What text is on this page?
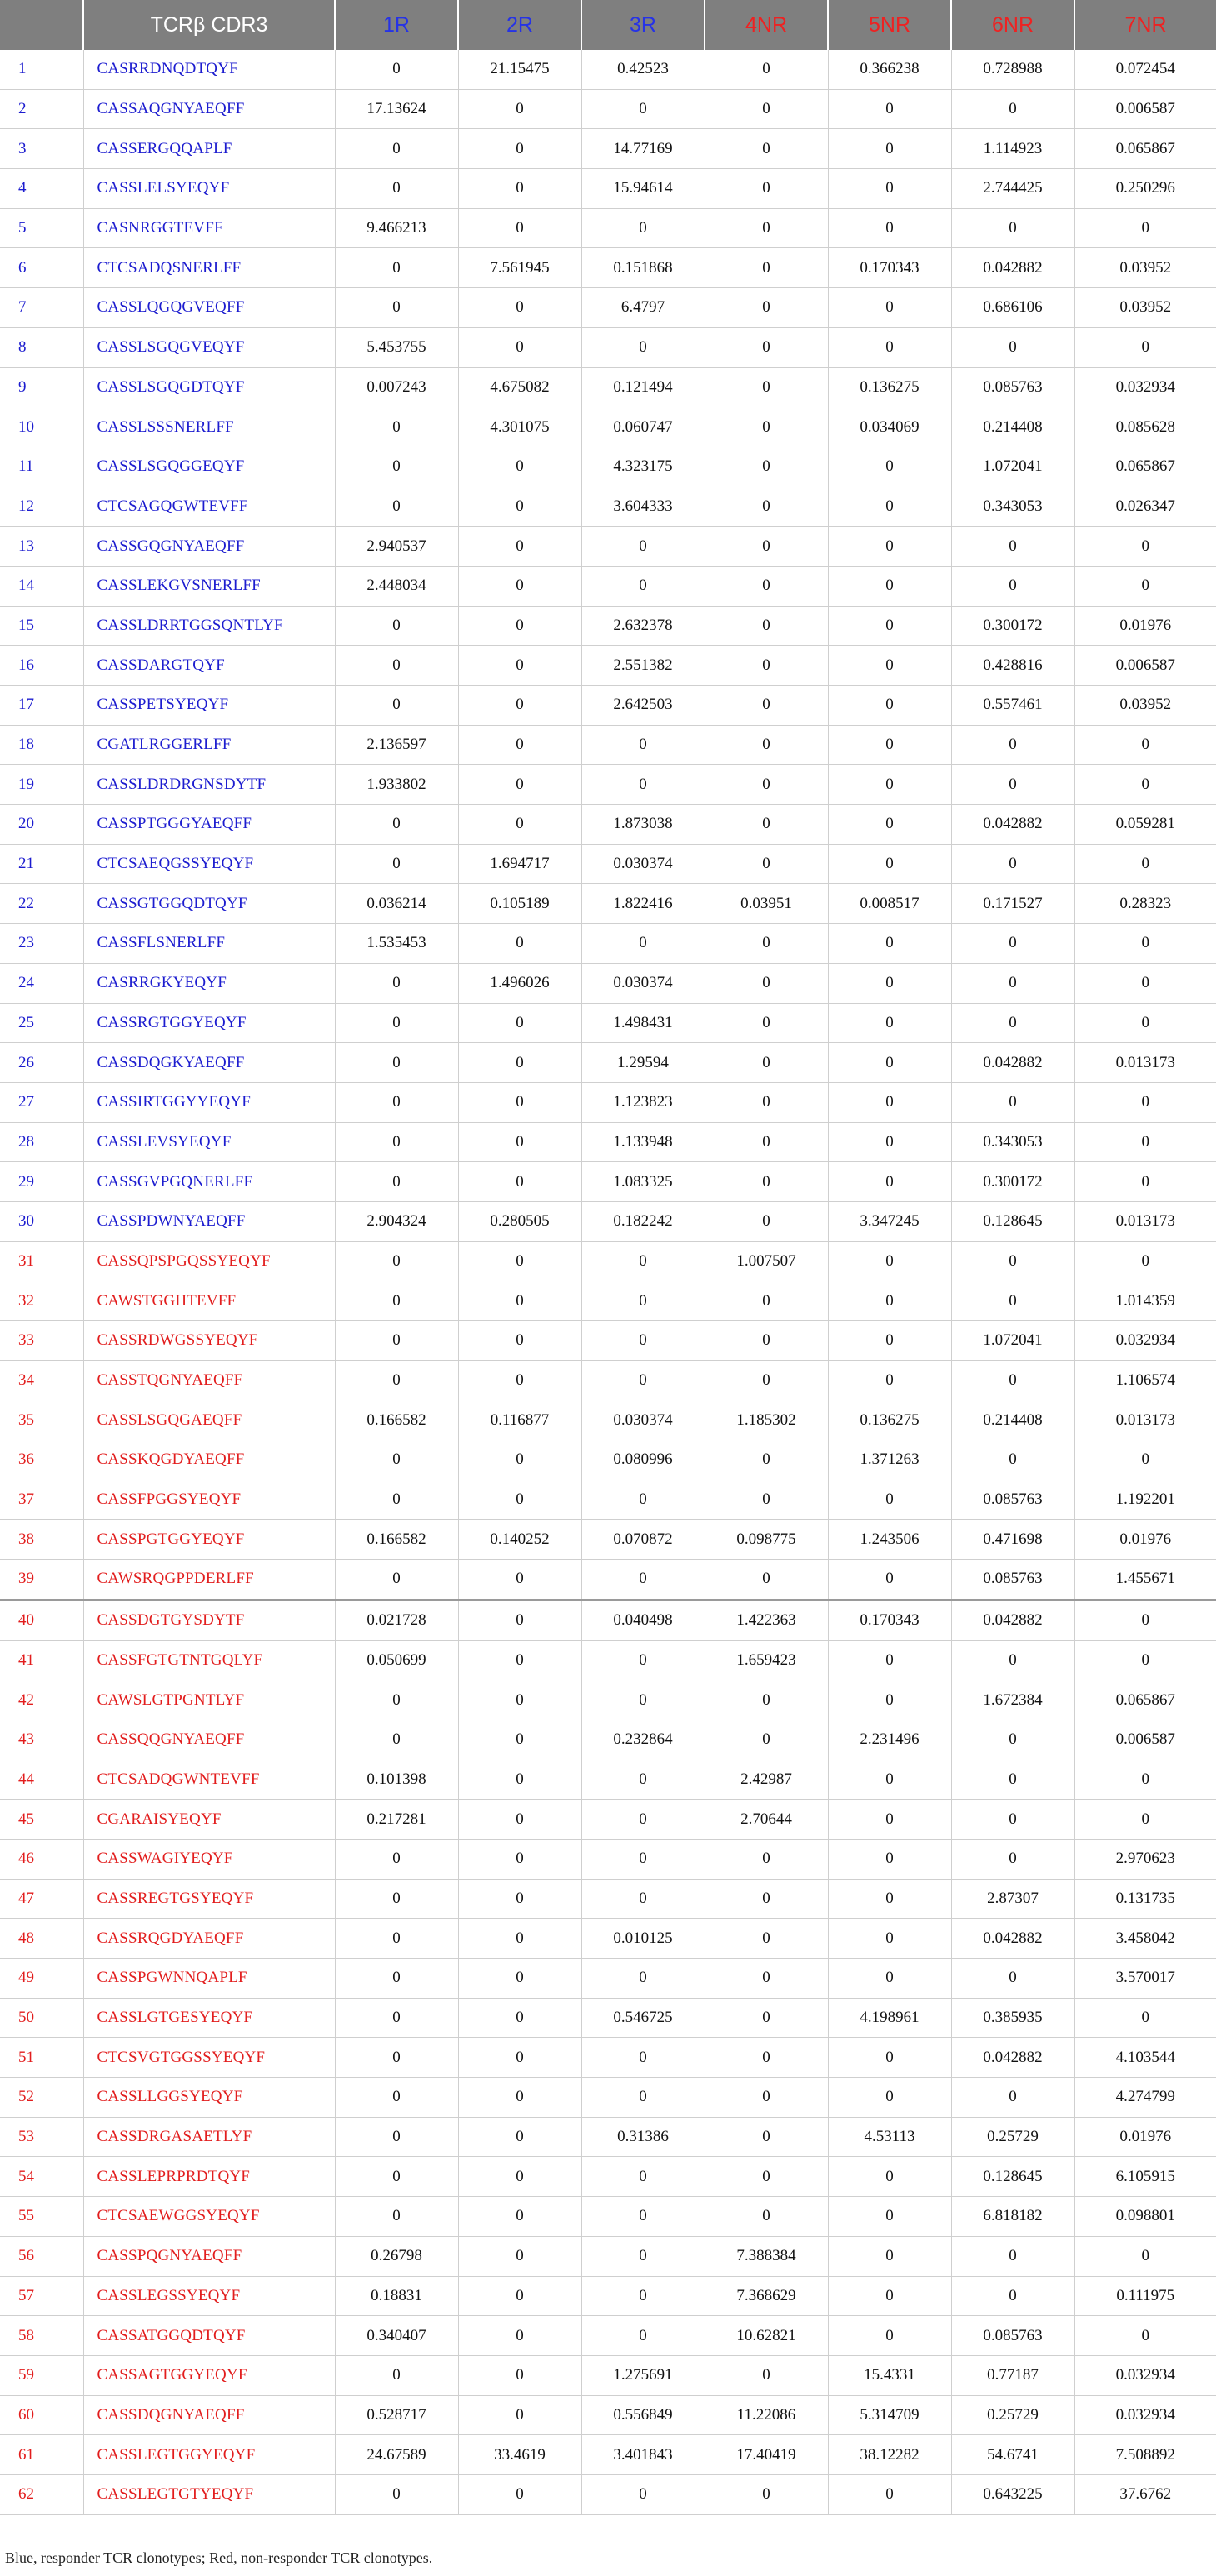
	TCRβ CDR3	1R	2R	3R	4NR	5NR	6NR	7NR
1	CASRRDNQDTQYF	0	21.15475	0.42523	0	0.366238	0.728988	0.072454
2	CASSAQGNYAEQFF	17.13624	0	0	0	0	0	0.006587
3	CASSERGQQAPLF	0	0	14.77169	0	0	1.114923	0.065867
4	CASSLELSYEQYF	0	0	15.94614	0	0	2.744425	0.250296
5	CASNRGGTEVFF	9.466213	0	0	0	0	0	0
6	CTCSADQSNERLFF	0	7.561945	0.151868	0	0.170343	0.042882	0.03952
7	CASSLQGQGVEQFF	0	0	6.4797	0	0	0.686106	0.03952
8	CASSLSGQGVEQYF	5.453755	0	0	0	0	0	0
9	CASSLSGQGDTQYF	0.007243	4.675082	0.121494	0	0.136275	0.085763	0.032934
10	CASSLSSSNERLFF	0	4.301075	0.060747	0	0.034069	0.214408	0.085628
11	CASSLSGQGGEQYF	0	0	4.323175	0	0	1.072041	0.065867
12	CTCSAGQGWTEVFF	0	0	3.604333	0	0	0.343053	0.026347
13	CASSGQGNYAEQFF	2.940537	0	0	0	0	0	0
14	CASSLEKGVSNERLFF	2.448034	0	0	0	0	0	0
15	CASSLDRRTGGSQNTLYF	0	0	2.632378	0	0	0.300172	0.01976
16	CASSDARGTQYF	0	0	2.551382	0	0	0.428816	0.006587
17	CASSPETSYEQYF	0	0	2.642503	0	0	0.557461	0.03952
18	CGATLRGGERLFF	2.136597	0	0	0	0	0	0
19	CASSLDRDRGNSDYTF	1.933802	0	0	0	0	0	0
20	CASSPTGGGYAEQFF	0	0	1.873038	0	0	0.042882	0.059281
21	CTCSAEQGSSYEQYF	0	1.694717	0.030374	0	0	0	0
22	CASSGTGGQDTQYF	0.036214	0.105189	1.822416	0.03951	0.008517	0.171527	0.28323
23	CASSFLSNERLFF	1.535453	0	0	0	0	0	0
24	CASRRGKYEQYF	0	1.496026	0.030374	0	0	0	0
25	CASSRGTGGYEQYF	0	0	1.498431	0	0	0	0
26	CASSDQGKYAEQFF	0	0	1.29594	0	0	0.042882	0.013173
27	CASSIRTGGYYEQYF	0	0	1.123823	0	0	0	0
28	CASSLEVSYEQYF	0	0	1.133948	0	0	0.343053	0
29	CASSGVPGQNERLFF	0	0	1.083325	0	0	0.300172	0
30	CASSPDWNYAEQFF	2.904324	0.280505	0.182242	0	3.347245	0.128645	0.013173
31	CASSQPSPGQSSYEQYF	0	0	0	1.007507	0	0	0
32	CAWSTGGHTEVFF	0	0	0	0	0	0	1.014359
33	CASSRDWGSSYEQYF	0	0	0	0	0	1.072041	0.032934
34	CASSTQGNYAEQFF	0	0	0	0	0	0	1.106574
35	CASSLSGQGAEQFF	0.166582	0.116877	0.030374	1.185302	0.136275	0.214408	0.013173
36	CASSKQGDYAEQFF	0	0	0.080996	0	1.371263	0	0
37	CASSFPGGSYEQYF	0	0	0	0	0	0.085763	1.192201
38	CASSPGTGGYEQYF	0.166582	0.140252	0.070872	0.098775	1.243506	0.471698	0.01976
39	CAWSRQGPPDERLFF	0	0	0	0	0	0.085763	1.455671
40	CASSDGTGYSDYTF	0.021728	0	0.040498	1.422363	0.170343	0.042882	0
41	CASSFGTGTNTGQLYF	0.050699	0	0	1.659423	0	0	0
42	CAWSLGTPGNTLYF	0	0	0	0	0	1.672384	0.065867
43	CASSQQGNYAEQFF	0	0	0.232864	0	2.231496	0	0.006587
44	CTCSADQGWNTEVFF	0.101398	0	0	2.42987	0	0	0
45	CGARAISYEQYF	0.217281	0	0	2.70644	0	0	0
46	CASSWAGIYEQYF	0	0	0	0	0	0	2.970623
47	CASSREGTGSYEQYF	0	0	0	0	0	2.87307	0.131735
48	CASSRQGDYAEQFF	0	0	0.010125	0	0	0.042882	3.458042
49	CASSPGWNNQAPLF	0	0	0	0	0	0	3.570017
50	CASSLGTGESYEQYF	0	0	0.546725	0	4.198961	0.385935	0
51	CTCSVGTGGSSYEQYF	0	0	0	0	0	0.042882	4.103544
52	CASSLLGGSYEQYF	0	0	0	0	0	0	4.274799
53	CASSDRGASAETLYF	0	0	0.31386	0	4.53113	0.25729	0.01976
54	CASSLEPRPRDTQYF	0	0	0	0	0	0.128645	6.105915
55	CTCSAEWGGSYEQYF	0	0	0	0	0	6.818182	0.098801
56	CASSPQGNYAEQFF	0.26798	0	0	7.388384	0	0	0
57	CASSLEGSSYEQYF	0.18831	0	0	7.368629	0	0	0.111975
58	CASSATGGQDTQYF	0.340407	0	0	10.62821	0	0.085763	0
59	CASSAGTGGYEQYF	0	0	1.275691	0	15.4331	0.77187	0.032934
60	CASSDQGNYAEQFF	0.528717	0	0.556849	11.22086	5.314709	0.25729	0.032934
61	CASSLEGTGGYEQYF	24.67589	33.4619	3.401843	17.40419	38.12282	54.6741	7.508892
62	CASSLEGTGTYEQYF	0	0	0	0	0	0.643225	37.6762
Blue, responder TCR clonotypes; Red, non-responder TCR clonotypes.
